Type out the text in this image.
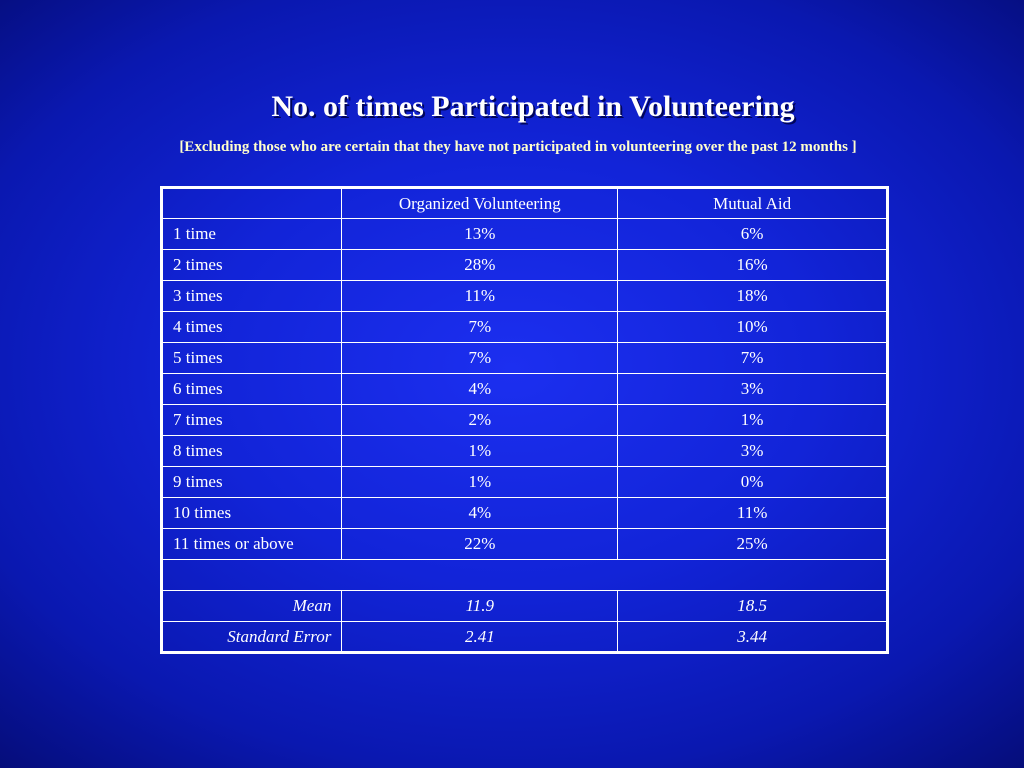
No. of times Participated in Volunteering
[Excluding those who are certain that they have not participated in volunteering over the past 12 months ]
	Organized Volunteering	Mutual Aid
1 time	13%	6%
2 times	28%	16%
3 times	11%	18%
4 times	7%	10%
5 times	7%	7%
6 times	4%	3%
7 times	2%	1%
8 times	1%	3%
9 times	1%	0%
10 times	4%	11%
11 times or above	22%	25%

Mean	11.9	18.5
Standard Error	2.41	3.44
